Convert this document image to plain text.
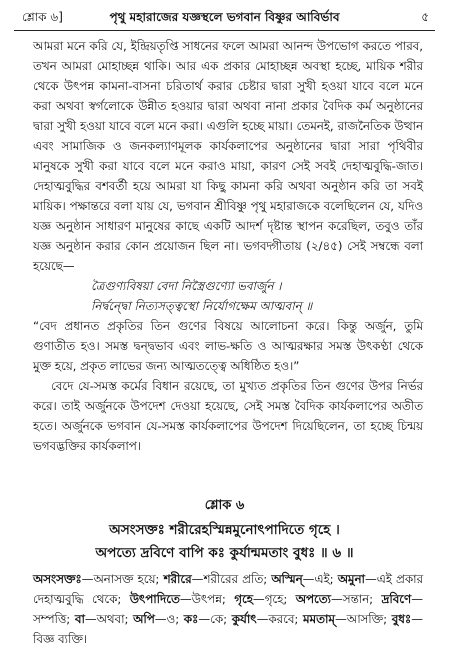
শ্লোক ৬]	পৃথু মহারাজের যজ্ঞস্থলে ভগবান বিষ্ণুর আবির্ভাব	৫

আমরা মনে করি যে, ইন্দ্রিয়তৃপ্তি সাধনের ফলে আমরা আনন্দ উপভোগ করতে পারব, তখন আমরা মোহাচ্ছন্ন থাকি। আর এক প্রকার মোহাচ্ছন্ন অবস্থা হচ্ছে, মায়িক শরীর থেকে উৎপন্ন কামনা-বাসনা চরিতার্থ করার চেষ্টার দ্বারা সুখী হওয়া যাবে বলে মনে করা অথবা স্বর্গলোকে উন্নীত হওয়ার দ্বারা অথবা নানা প্রকার বৈদিক কর্ম অনুষ্ঠানের দ্বারা সুখী হওয়া যাবে বলে মনে করা। এগুলি হচ্ছে মায়া। তেমনই, রাজনৈতিক উত্থান এবং সামাজিক ও জনকল্যাণমূলক কার্যকলাপের অনুষ্ঠানের দ্বারা সারা পৃথিবীর মানুষকে সুখী করা যাবে বলে মনে করাও মায়া, কারণ সেই সবই দেহাত্মবুদ্ধি-জাত। দেহাত্মবুদ্ধির বশবর্তী হয়ে আমরা যা কিছু কামনা করি অথবা অনুষ্ঠান করি তা সবই মায়িক। পক্ষান্তরে বলা যায় যে, ভগবান শ্রীবিষ্ণু পৃথু মহারাজকে বলেছিলেন যে, যদিও যজ্ঞ অনুষ্ঠান সাধারণ মানুষের কাছে একটি আদর্শ দৃষ্টান্ত স্থাপন করেছিল, তবুও তাঁর যজ্ঞ অনুষ্ঠান করার কোন প্রয়োজন ছিল না। ভগবদ্গীতায় (২/৪৫) সেই সম্বন্ধে বলা হয়েছে—

ত্রৈগুণ্যবিষয়া বেদা নিস্ত্রৈগুণ্যো ভবার্জুন ।

নির্দ্বন্দ্বো নিত্যসত্ত্বস্থো নির্যোগক্ষেম আত্মবান্ ॥

“বেদ প্রধানত প্রকৃতির তিন গুণের বিষয়ে আলোচনা করে। কিন্তু অর্জুন, তুমি গুণাতীত হও। সমস্ত দ্বন্দ্বভাব এবং লাভ-ক্ষতি ও আত্মরক্ষার সমস্ত উৎকণ্ঠা থেকে মুক্ত হয়ে, প্রকৃত লাভের জন্য আত্মতত্ত্বে অধিষ্ঠিত হও।”

বেদে যে-সমস্ত কর্মের বিধান রয়েছে, তা মুখ্যত প্রকৃতির তিন গুণের উপর নির্ভর করে। তাই অর্জুনকে উপদেশ দেওয়া হয়েছে, সেই সমস্ত বৈদিক কার্যকলাপের অতীত হতে। অর্জুনকে ভগবান যে-সমস্ত কার্যকলাপের উপদেশ দিয়েছিলেন, তা হচ্ছে চিন্ময় ভগবদ্ভক্তির কার্যকলাপ।

শ্লোক ৬
অসংসক্তঃ শরীরেহস্মিন্নমুনোৎপাদিতে গৃহে ।
অপত্যে দ্রবিণে বাপি কঃ কুর্যান্মমতাং বুধঃ ॥ ৬ ॥
অসংসক্তঃ—অনাসক্ত হয়ে; শরীরে—শরীরের প্রতি; অস্মিন্—এই; অমুনা—এই প্রকার দেহাত্মবুদ্ধি থেকে; উৎপাদিতে—উৎপন্ন; গৃহে—গৃহে; অপত্যে—সন্তান; দ্রবিণে—সম্পত্তি; বা—অথবা; অপি—ও; কঃ—কে; কুর্যাৎ—করবে; মমতাম্—আসক্তি; বুধঃ—বিজ্ঞ ব্যক্তি।
